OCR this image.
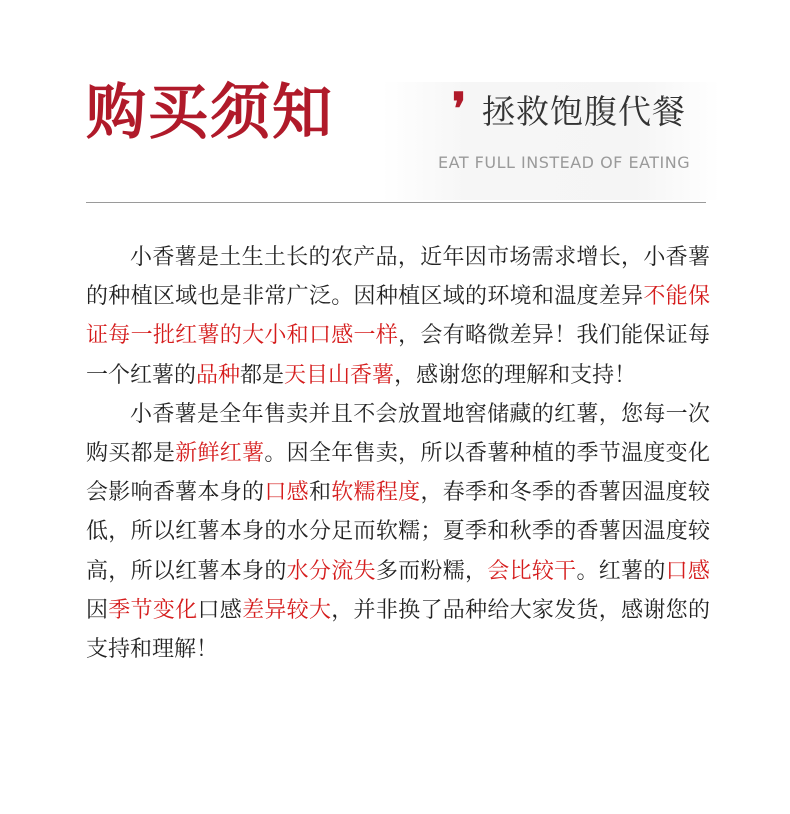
购买须知	❜ 拯救饱腹代餐
EAT FULL INSTEAD OF EATING

小香薯是土生土长的农产品，近年因市场需求增长，小香薯的种植区域也是非常广泛。因种植区域的环境和温度差异不能保证每一批红薯的大小和口感一样，会有略微差异！我们能保证每一个红薯的品种都是天目山香薯，感谢您的理解和支持！

小香薯是全年售卖并且不会放置地窖储藏的红薯，您每一次购买都是新鲜红薯。因全年售卖，所以香薯种植的季节温度变化会影响香薯本身的口感和软糯程度，春季和冬季的香薯因温度较低，所以红薯本身的水分足而软糯；夏季和秋季的香薯因温度较高，所以红薯本身的水分流失多而粉糯，会比较干。红薯的口感因季节变化口感差异较大，并非换了品种给大家发货，感谢您的支持和理解！
